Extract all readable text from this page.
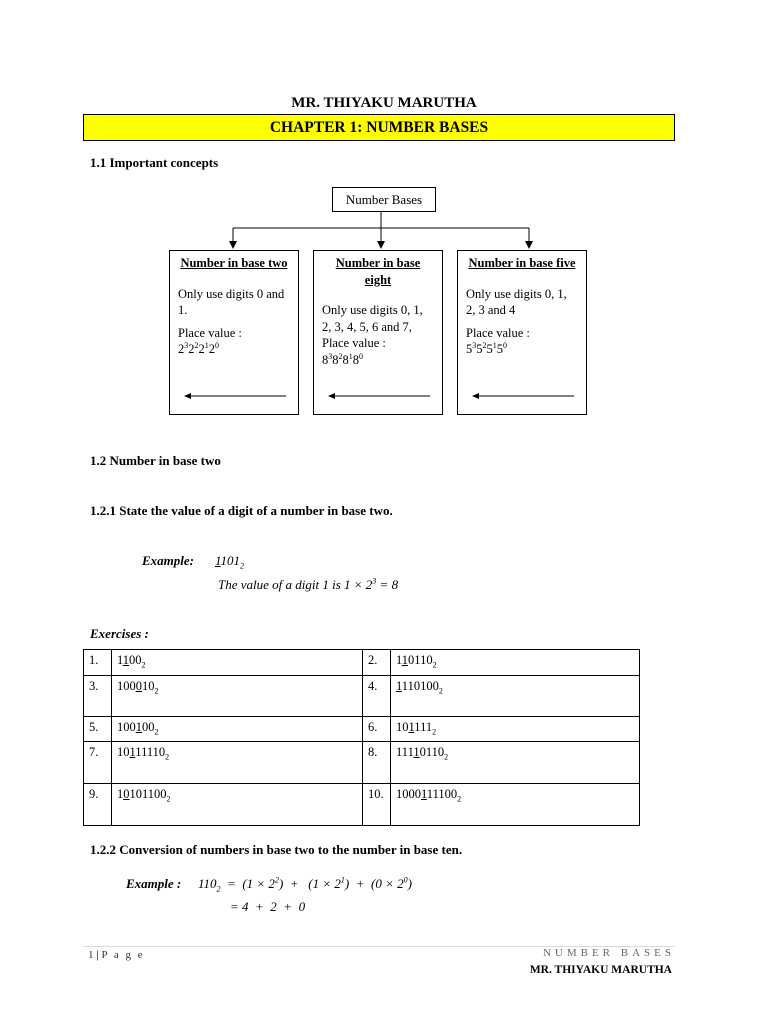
MR. THIYAKU MARUTHA
CHAPTER 1: NUMBER BASES
1.1 Important concepts
Number Bases
Number in base two
Only use digits 0 and 1.
Place value :
$2^32^22^12^0$
Number in base eight
Only use digits 0, 1, 2, 3, 4, 5, 6 and 7,
Place value :
$8^38^28^18^0$
Number in base five
Only use digits 0, 1, 2, 3 and 4
Place value :
$5^35^25^15^0$
1.2 Number in base two
1.2.1 State the value of a digit of a number in base two.
Example: $1101_2$
The value of a digit 1 is $1 \times 2^3 = 8$
Exercises :
1.	$1100_2$	2.	$110110_2$
3.	$100010_2$	4.	$1110100_2$
5.	$100100_2$	6.	$101111_2$
7.	$10111110_2$	8.	$11110110_2$
9.	$10101100_2$	10.	$1000111100_2$
1.2.2 Conversion of numbers in base two to the number in base ten.
Example : $110_2 = (1 \times 2^2) + (1 \times 2^1) + (0 \times 2^0)$
= 4  +  2  +  0
1 | P a g e	NUMBER BASES
MR. THIYAKU MARUTHA
